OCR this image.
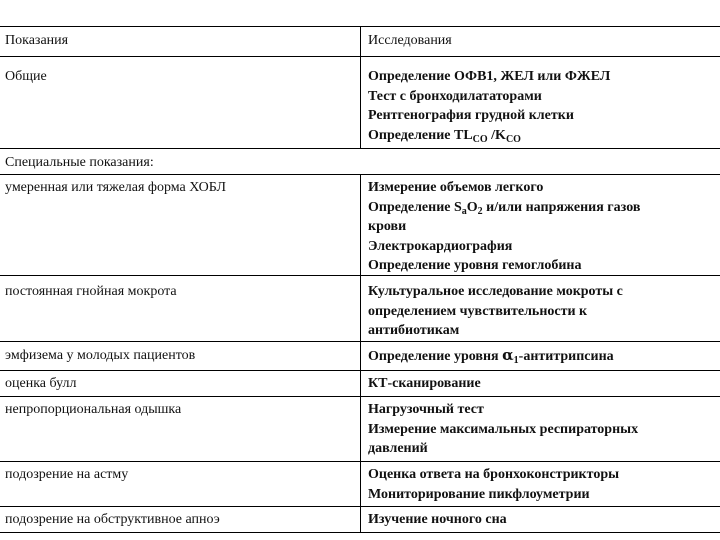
Показания	Исследования
Общие	Определение ОФВ1, ЖЕЛ или ФЖЕЛ
Тест с бронходилататорами
Рентгенография грудной клетки
Определение $TL_{CO}$ $/K_{CO}$
Специальные показания:
умеренная или тяжелая форма ХОБЛ	Измерение объемов легкого
Определение $S_aO_2$ и/или напряжения газов
крови
Электрокардиография
Определение уровня гемоглобина
постоянная гнойная мокрота	Культуральное исследование мокроты с
определением чувствительности к
антибиотикам
эмфизема у молодых пациентов	Определение уровня $\alpha_1$-антитрипсина
оценка булл	КТ-сканирование
непропорциональная одышка	Нагрузочный тест
Измерение максимальных респираторных
давлений
подозрение на астму	Оценка ответа на бронхоконстрикторы
Мониторирование пикфлоуметрии
подозрение на обструктивное апноэ	Изучение ночного сна
